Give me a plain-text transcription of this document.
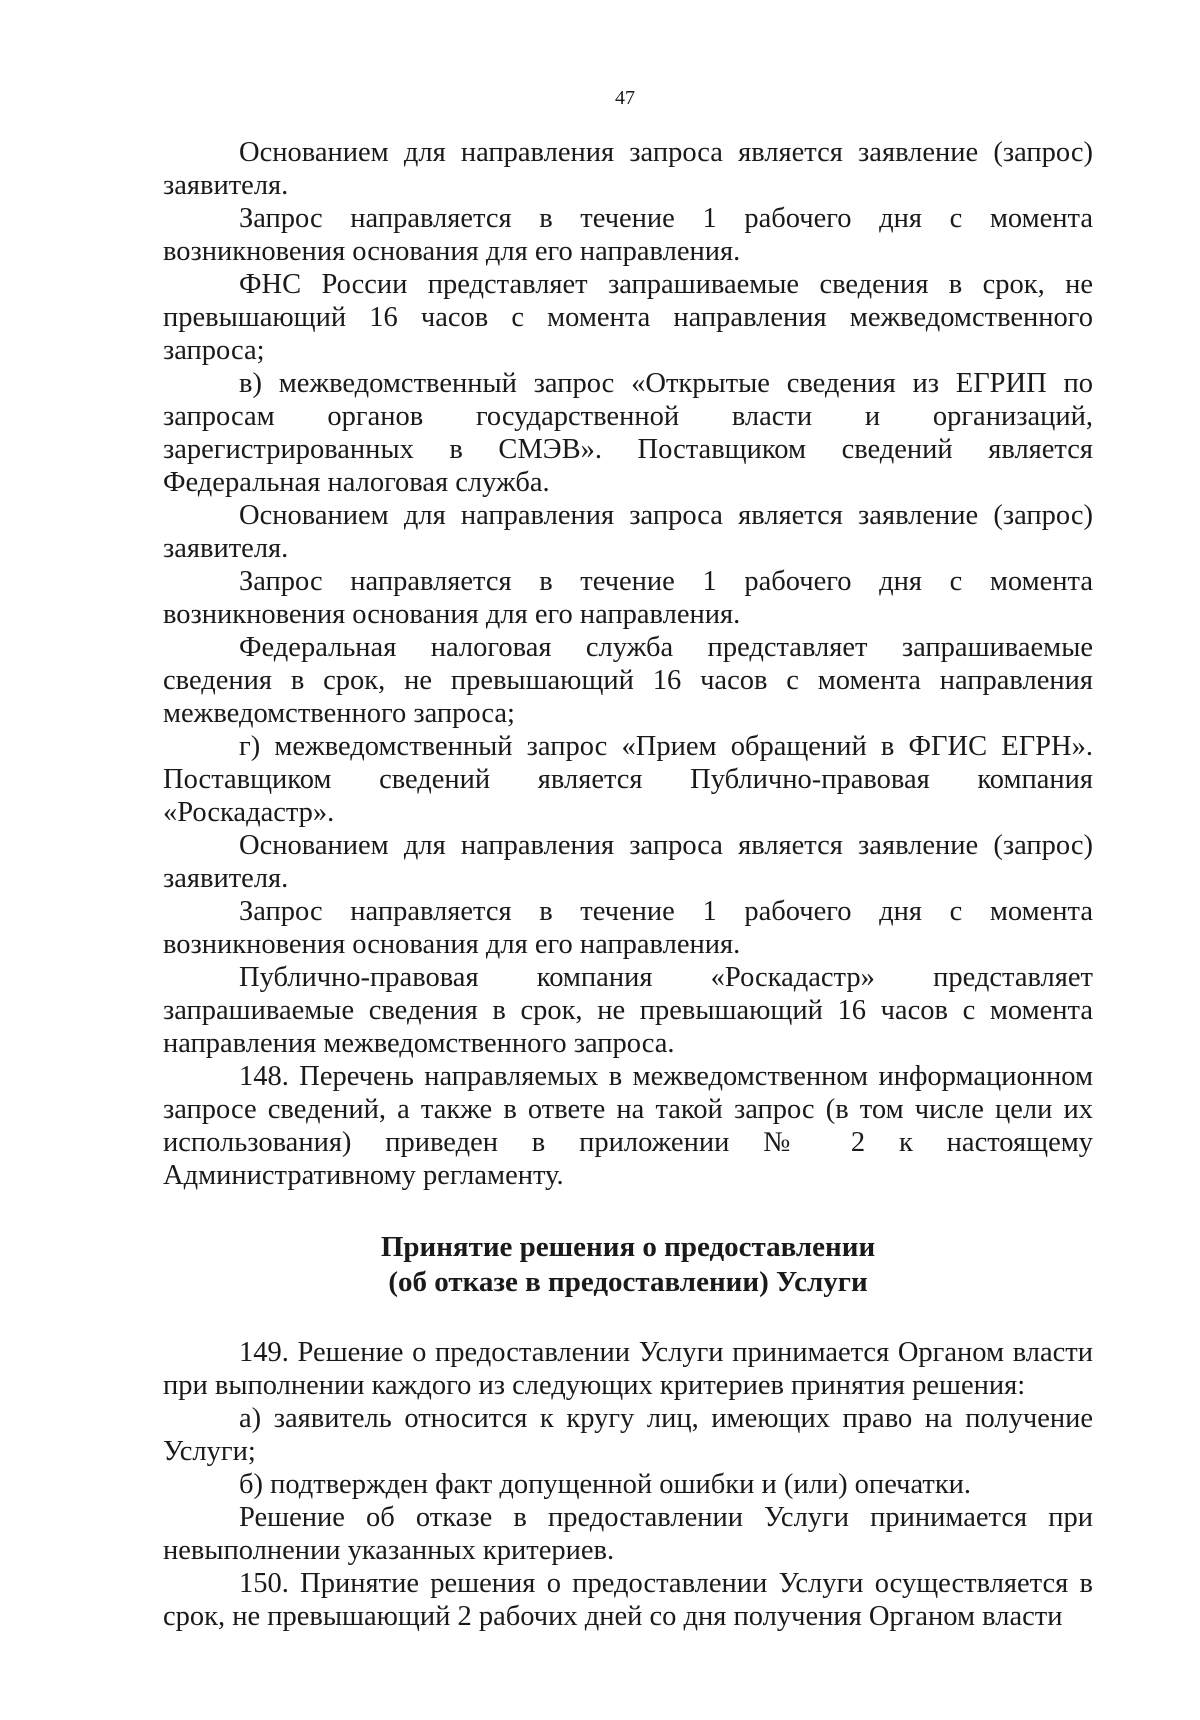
47

Основанием для направления запроса является заявление (запрос) заявителя.

Запрос направляется в течение 1 рабочего дня с момента возникновения основания для его направления.

ФНС России представляет запрашиваемые сведения в срок, не превышающий 16 часов с момента направления межведомственного запроса;

в) межведомственный запрос «Открытые сведения из ЕГРИП по запросам органов государственной власти и организаций, зарегистрированных в СМЭВ». Поставщиком сведений является Федеральная налоговая служба.

Основанием для направления запроса является заявление (запрос) заявителя.

Запрос направляется в течение 1 рабочего дня с момента возникновения основания для его направления.

Федеральная налоговая служба представляет запрашиваемые сведения в срок, не превышающий 16 часов с момента направления межведомственного запроса;

г) межведомственный запрос «Прием обращений в ФГИС ЕГРН». Поставщиком сведений является Публично-правовая компания «Роскадастр».

Основанием для направления запроса является заявление (запрос) заявителя.

Запрос направляется в течение 1 рабочего дня с момента возникновения основания для его направления.

Публично-правовая компания «Роскадастр» представляет запрашиваемые сведения в срок, не превышающий 16 часов с момента направления межведомственного запроса.

148. Перечень направляемых в межведомственном информационном запросе сведений, а также в ответе на такой запрос (в том числе цели их использования) приведен в приложении № 2 к настоящему Административному регламенту.

Принятие решения о предоставлении
(об отказе в предоставлении) Услуги

149. Решение о предоставлении Услуги принимается Органом власти при выполнении каждого из следующих критериев принятия решения:

а) заявитель относится к кругу лиц, имеющих право на получение Услуги;

б) подтвержден факт допущенной ошибки и (или) опечатки.

Решение об отказе в предоставлении Услуги принимается при невыполнении указанных критериев.

150. Принятие решения о предоставлении Услуги осуществляется в срок, не превышающий 2 рабочих дней со дня получения Органом власти
